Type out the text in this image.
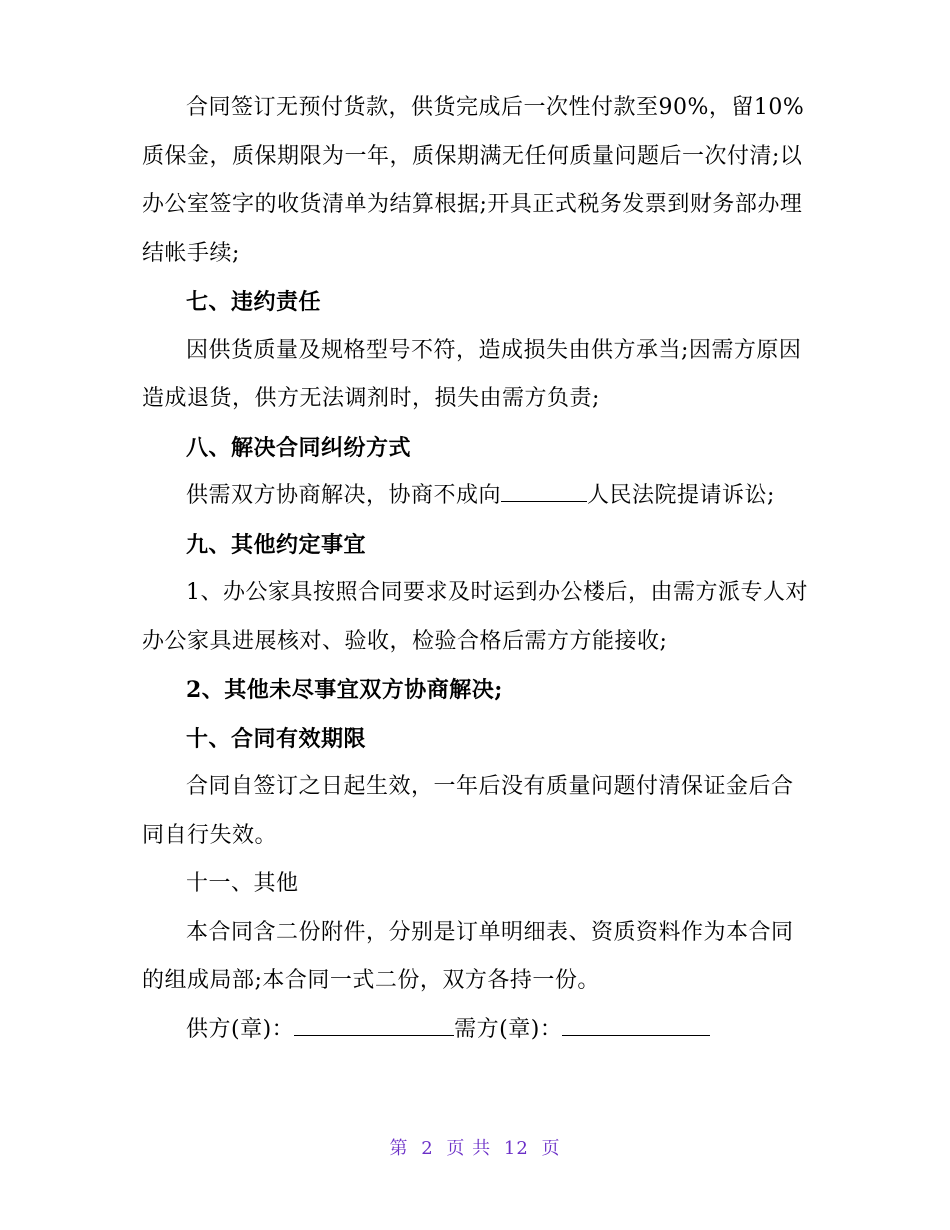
合同签订无预付货款，供货完成后一次性付款至90%，留10%质保金，质保期限为一年，质保期满无任何质量问题后一次付清;以办公室签字的收货清单为结算根据;开具正式税务发票到财务部办理结帐手续;

七、违约责任

因供货质量及规格型号不符，造成损失由供方承当;因需方原因造成退货，供方无法调剂时，损失由需方负责;

八、解决合同纠纷方式

供需双方协商解决，协商不成向	人民法院提请诉讼;

九、其他约定事宜

1、办公家具按照合同要求及时运到办公楼后，由需方派专人对办公家具进展核对、验收，检验合格后需方方能接收;

2、其他未尽事宜双方协商解决;

十、合同有效期限

合同自签订之日起生效，一年后没有质量问题付清保证金后合同自行失效。

十一、其他

本合同含二份附件，分别是订单明细表、资质资料作为本合同的组成局部;本合同一式二份，双方各持一份。

供方(章)：	需方(章)：

第 2 页 共 12 页
